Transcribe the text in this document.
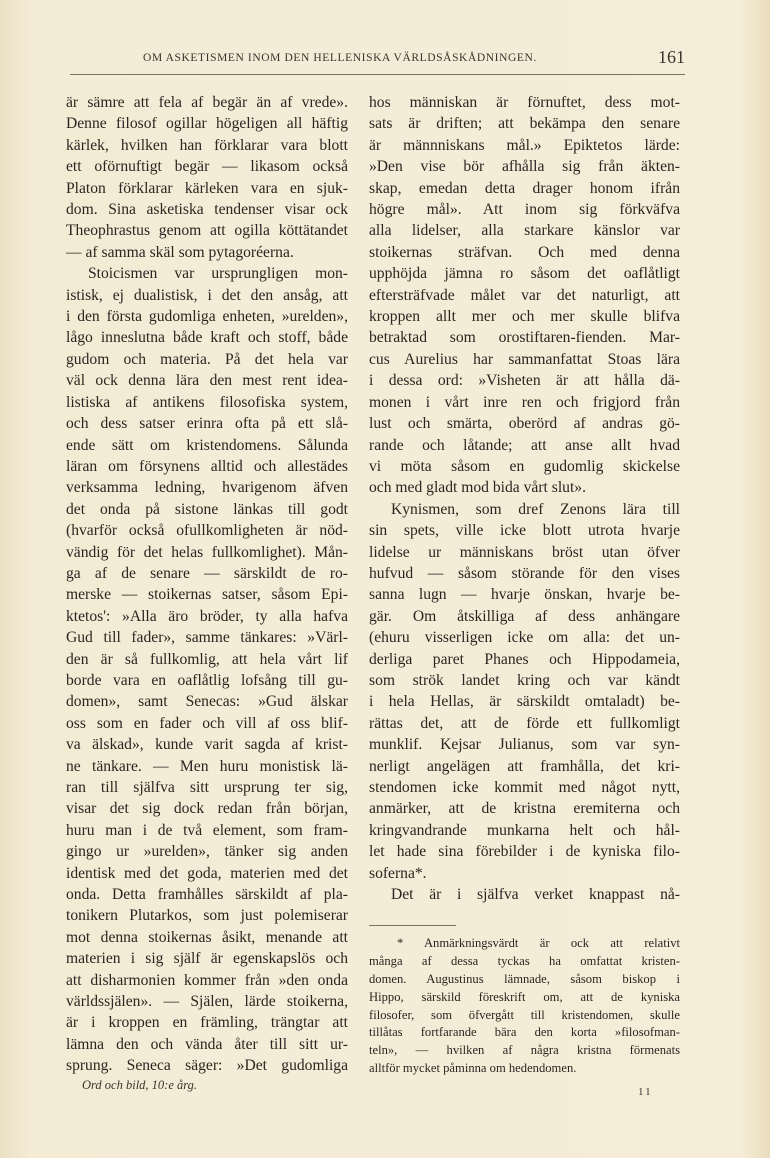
OM ASKETISMEN INOM DEN HELLENISKA VÄRLDSÅSKÅDNINGEN.	161
är sämre att fela af begär än af vrede».
Denne filosof ogillar högeligen all häftig
kärlek, hvilken han förklarar vara blott
ett oförnuftigt begär — likasom också
Platon förklarar kärleken vara en sjuk-
dom. Sina asketiska tendenser visar ock
Theophrastus genom att ogilla köttätandet
— af samma skäl som pytagoréerna.
Stoicismen var ursprungligen mon-
istisk, ej dualistisk, i det den ansåg, att
i den första gudomliga enheten, »urelden»,
lågo inneslutna både kraft och stoff, både
gudom och materia. På det hela var
väl ock denna lära den mest rent idea-
listiska af antikens filosofiska system,
och dess satser erinra ofta på ett slå-
ende sätt om kristendomens. Sålunda
läran om försynens alltid och allestädes
verksamma ledning, hvarigenom äfven
det onda på sistone länkas till godt
(hvarför också ofullkomligheten är nöd-
vändig för det helas fullkomlighet). Mån-
ga af de senare — särskildt de ro-
merske — stoikernas satser, såsom Epi-
ktetos': »Alla äro bröder, ty alla hafva
Gud till fader», samme tänkares: »Värl-
den är så fullkomlig, att hela vårt lif
borde vara en oaflåtlig lofsång till gu-
domen», samt Senecas: »Gud älskar
oss som en fader och vill af oss blif-
va älskad», kunde varit sagda af krist-
ne tänkare. — Men huru monistisk lä-
ran till själfva sitt ursprung ter sig,
visar det sig dock redan från början,
huru man i de två element, som fram-
gingo ur »urelden», tänker sig anden
identisk med det goda, materien med det
onda. Detta framhålles särskildt af pla-
tonikern Plutarkos, som just polemiserar
mot denna stoikernas åsikt, menande att
materien i sig själf är egenskapslös och
att disharmonien kommer från »den onda
världssjälen». — Själen, lärde stoikerna,
är i kroppen en främling, trängtar att
lämna den och vända åter till sitt ur-
sprung. Seneca säger: »Det gudomliga
hos människan är förnuftet, dess mot-
sats är driften; att bekämpa den senare
är männniskans mål.» Epiktetos lärde:
»Den vise bör afhålla sig från äkten-
skap, emedan detta drager honom ifrån
högre mål». Att inom sig förkväfva
alla lidelser, alla starkare känslor var
stoikernas sträfvan. Och med denna
upphöjda jämna ro såsom det oaflåtligt
eftersträfvade målet var det naturligt, att
kroppen allt mer och mer skulle blifva
betraktad som orostiftaren-fienden. Mar-
cus Aurelius har sammanfattat Stoas lära
i dessa ord: »Visheten är att hålla dä-
monen i vårt inre ren och frigjord från
lust och smärta, oberörd af andras gö-
rande och låtande; att anse allt hvad
vi möta såsom en gudomlig skickelse
och med gladt mod bida vårt slut».
Kynismen, som dref Zenons lära till
sin spets, ville icke blott utrota hvarje
lidelse ur människans bröst utan öfver
hufvud — såsom störande för den vises
sanna lugn — hvarje önskan, hvarje be-
gär. Om åtskilliga af dess anhängare
(ehuru visserligen icke om alla: det un-
derliga paret Phanes och Hippodameia,
som strök landet kring och var kändt
i hela Hellas, är särskildt omtaladt) be-
rättas det, att de förde ett fullkomligt
munklif. Kejsar Julianus, som var syn-
nerligt angelägen att framhålla, det kri-
stendomen icke kommit med något nytt,
anmärker, att de kristna eremiterna och
kringvandrande munkarna helt och hål-
let hade sina förebilder i de kyniska filo-
soferna*.
Det är i själfva verket knappast nå-
* Anmärkningsvärdt är ock att relativt
många af dessa tyckas ha omfattat kristen-
domen. Augustinus lämnade, såsom biskop i
Hippo, särskild föreskrift om, att de kyniska
filosofer, som öfvergått till kristendomen, skulle
tillåtas fortfarande bära den korta »filosofman-
teln», — hvilken af några kristna förmenats
alltför mycket påminna om hedendomen.
Ord och bild, 10:e årg.	11
